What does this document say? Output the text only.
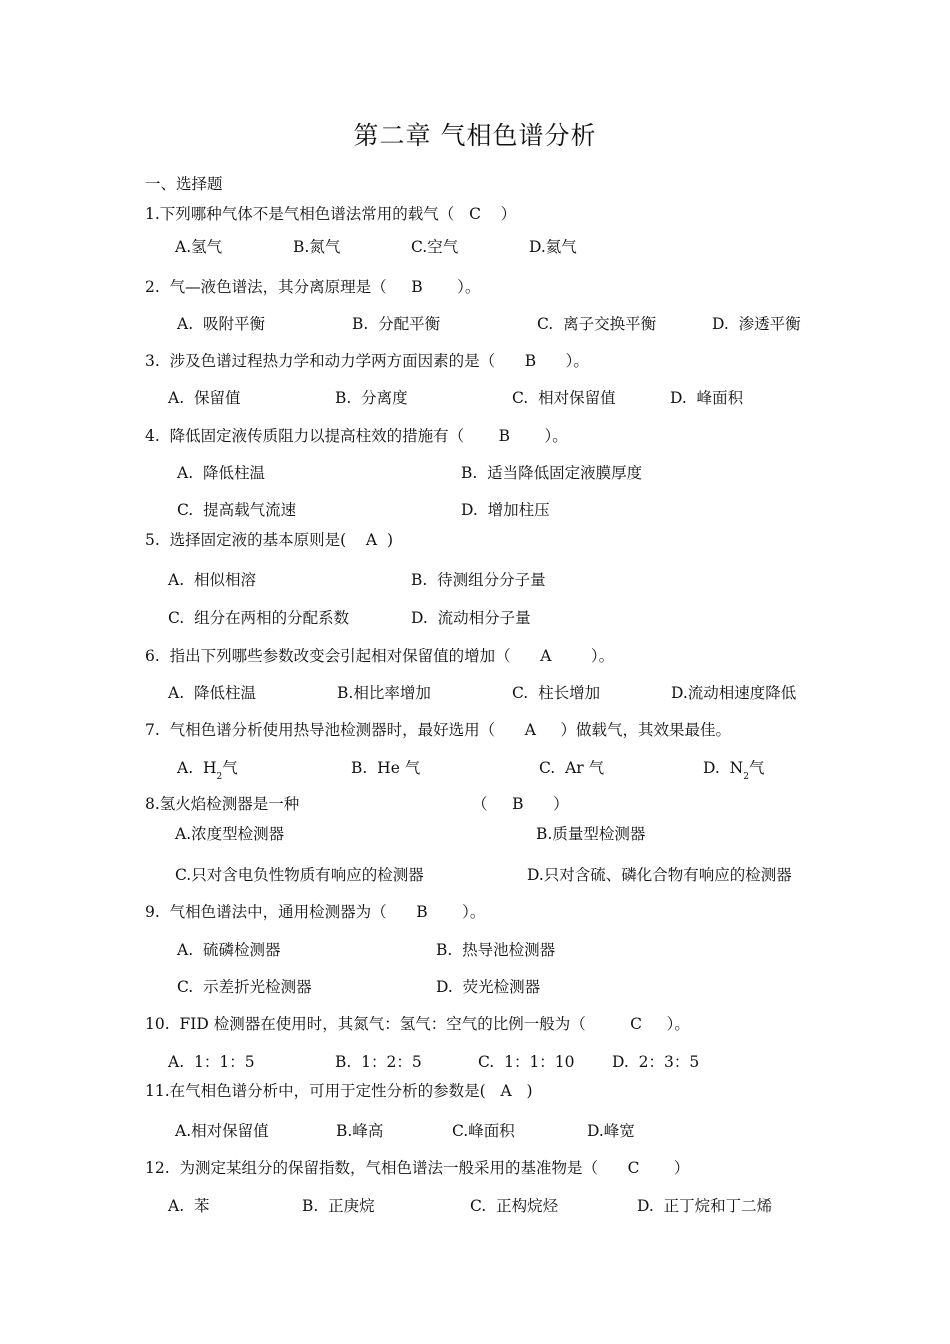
第二章 气相色谱分析
一、选择题
1.下列哪种气体不是气相色谱法常用的载气（   C    ）
A.氢气	B.氮气	C.空气	D.氦气
2.  气—液色谱法，其分离原理是（     B       ）。
A.  吸附平衡	B.  分配平衡	C.  离子交换平衡	D.  渗透平衡
3.  涉及色谱过程热力学和动力学两方面因素的是（      B      ）。
A.  保留值	B.  分离度	C.  相对保留值	D.  峰面积
4.  降低固定液传质阻力以提高柱效的措施有（       B       ）。
A.  降低柱温	B.  适当降低固定液膜厚度
C.  提高载气流速	D.  增加柱压
5.  选择固定液的基本原则是(    A  )
A.  相似相溶	B.  待测组分分子量
C.  组分在两相的分配系数	D.  流动相分子量
6.  指出下列哪些参数改变会引起相对保留值的增加（      A        ）。
A.  降低柱温	B.相比率增加	C.  柱长增加	D.流动相速度降低
7.  气相色谱分析使用热导池检测器时，最好选用（      A     ）做载气，其效果最佳。
A.  $H_2$气	B.  He 气	C.  Ar 气	D.  $N_2$气
8.氢火焰检测器是一种	（     B      ）
A.浓度型检测器	B.质量型检测器
C.只对含电负性物质有响应的检测器	D.只对含硫、磷化合物有响应的检测器
9.  气相色谱法中，通用检测器为（      B       ）。
A.  硫磷检测器	B.  热导池检测器
C.  示差折光检测器	D.  荧光检测器
10.  FID 检测器在使用时，其氮气：氢气：空气的比例一般为（         C     ）。
A.  1：1：5	B.  1：2：5	C.  1：1：10 D.  2：3：5
11.在气相色谱分析中，可用于定性分析的参数是(   A   )
A.相对保留值	B.峰高	C.峰面积	D.峰宽
12.  为测定某组分的保留指数，气相色谱法一般采用的基准物是（      C       ）
A.  苯	B.  正庚烷	C.  正构烷烃	D.  正丁烷和丁二烯
